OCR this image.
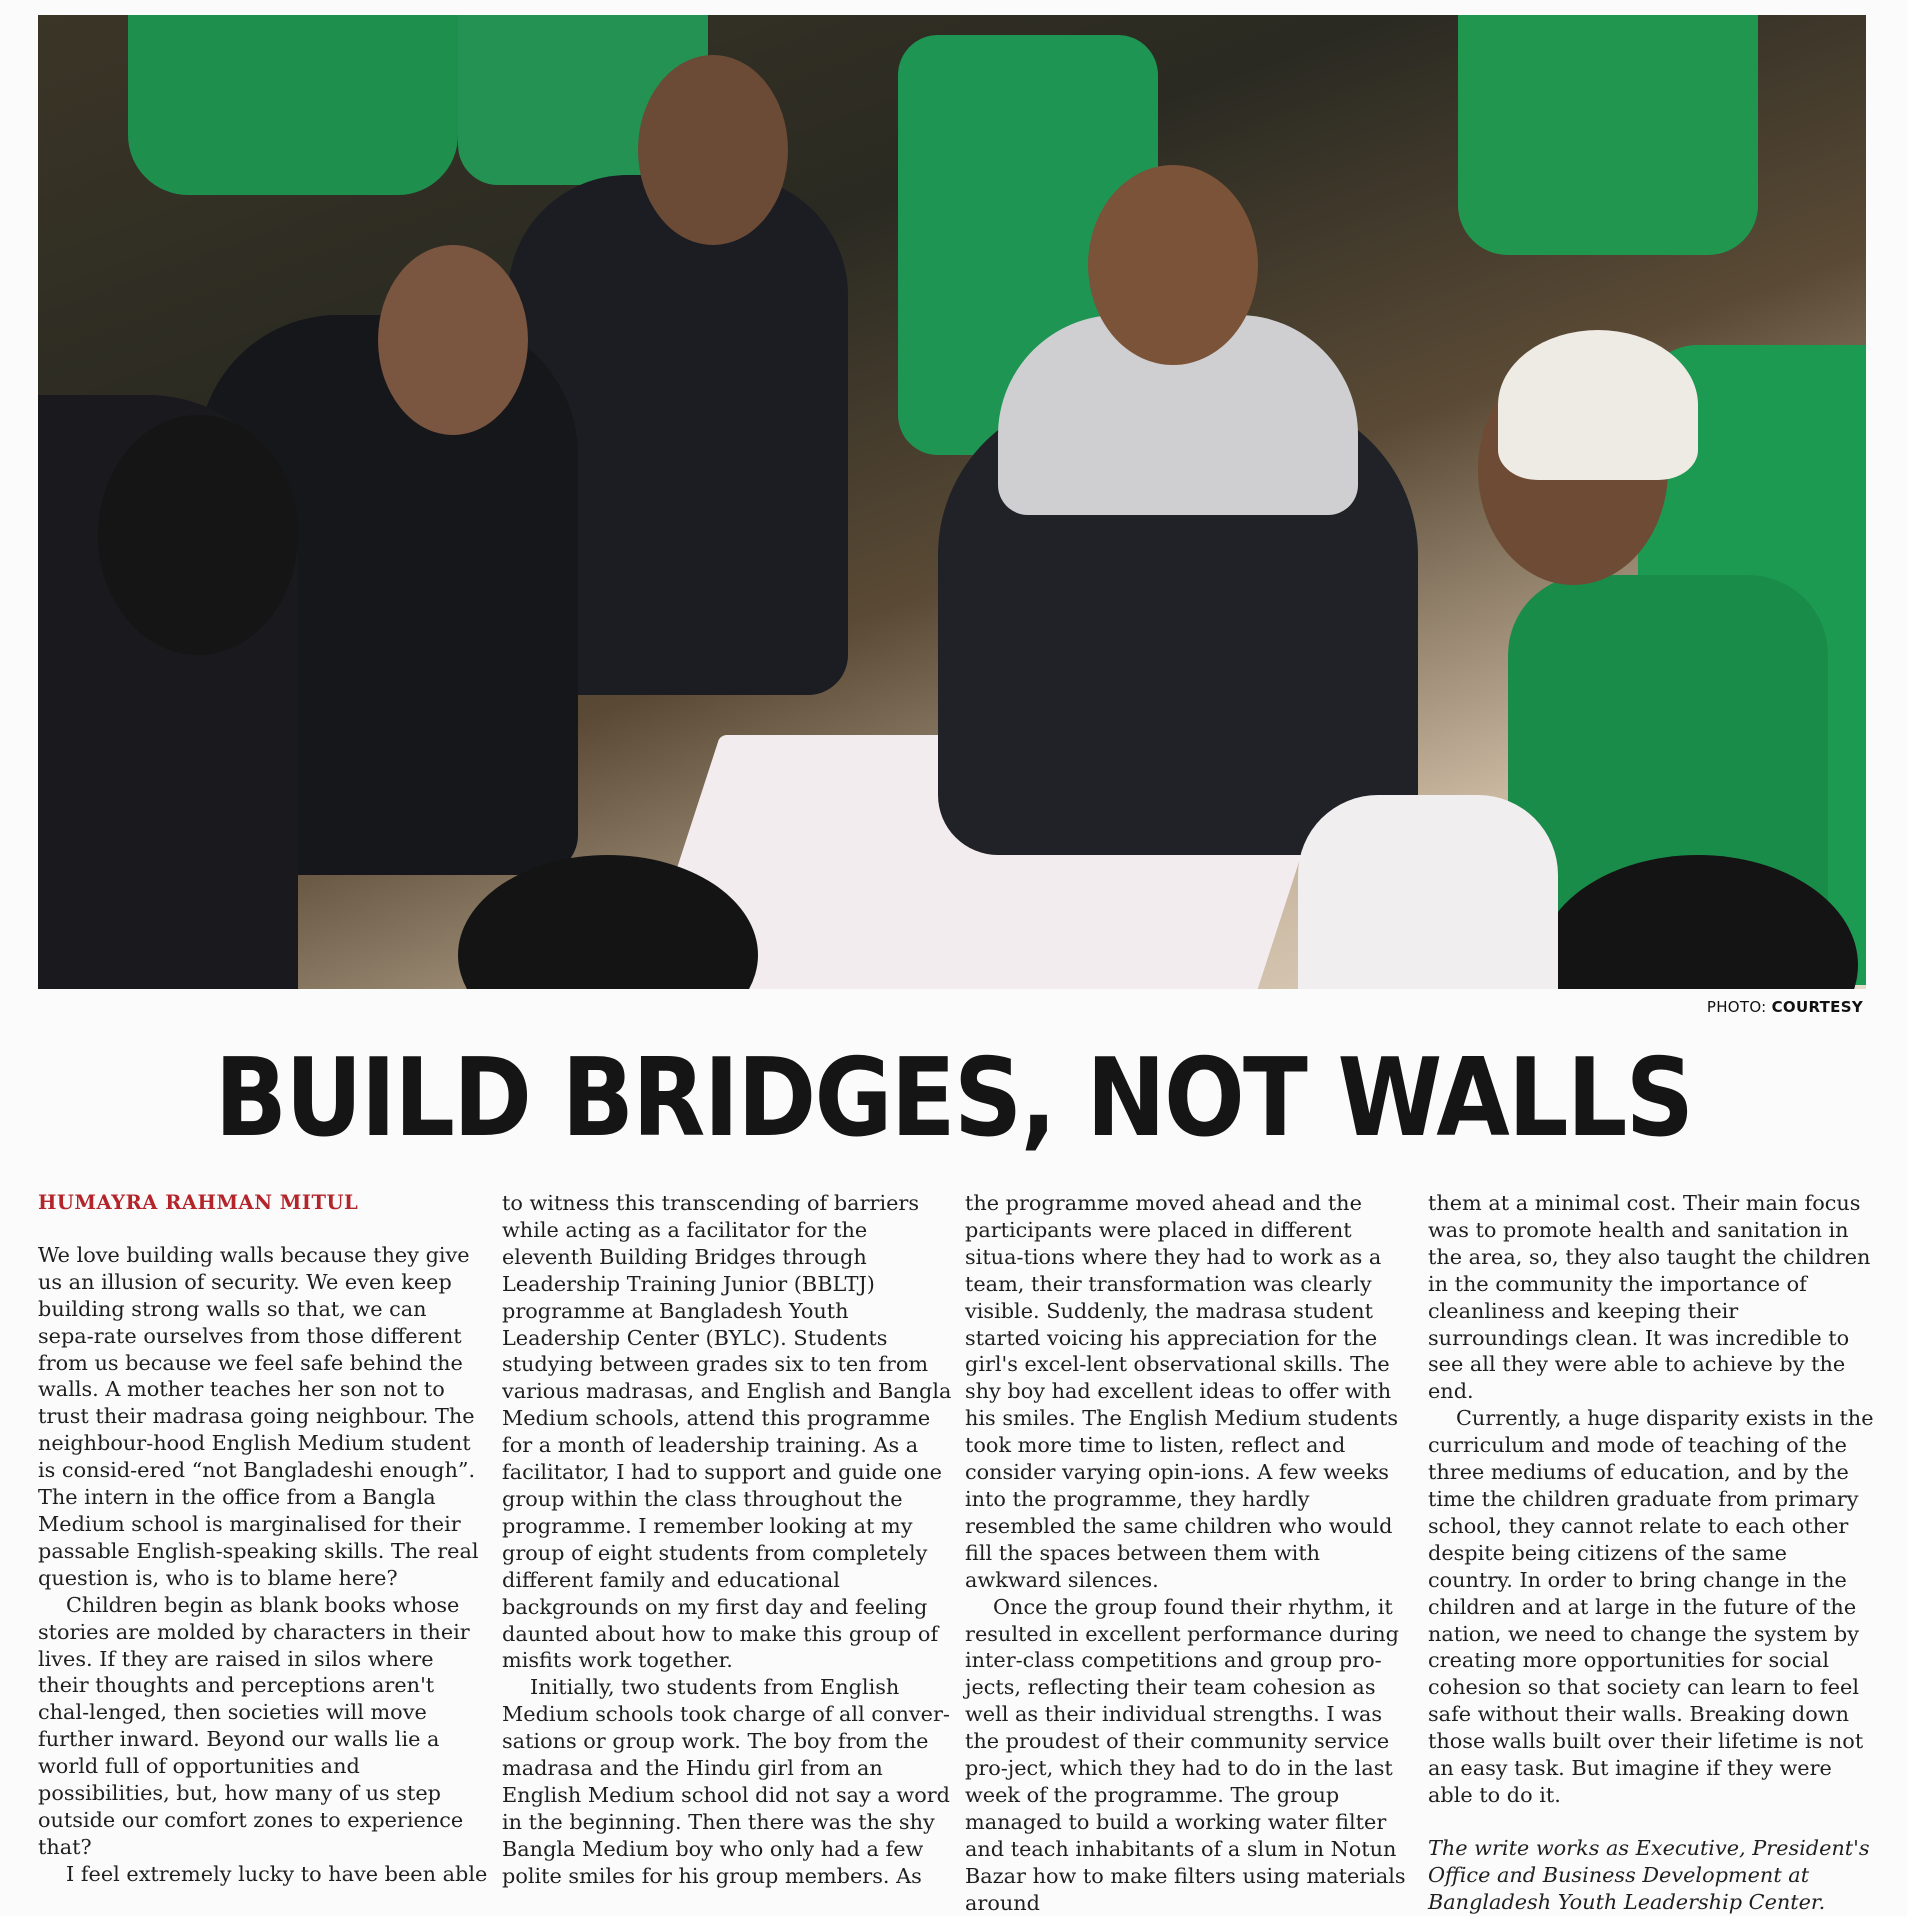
PHOTO: COURTESY
BUILD BRIDGES, NOT WALLS

HUMAYRA RAHMAN MITUL

We love building walls because they give us an illusion of security. We even keep building strong walls so that, we can sepa-rate ourselves from those different from us because we feel safe behind the walls. A mother teaches her son not to trust their madrasa going neighbour. The neighbour-hood English Medium student is consid-ered “not Bangladeshi enough”. The intern in the office from a Bangla Medium school is marginalised for their passable English-speaking skills. The real question is, who is to blame here?

Children begin as blank books whose stories are molded by characters in their lives. If they are raised in silos where their thoughts and perceptions aren't chal-lenged, then societies will move further inward. Beyond our walls lie a world full of opportunities and possibilities, but, how many of us step outside our comfort zones to experience that?

I feel extremely lucky to have been able

to witness this transcending of barriers while acting as a facilitator for the eleventh Building Bridges through Leadership Training Junior (BBLTJ) programme at Bangladesh Youth Leadership Center (BYLC). Students studying between grades six to ten from various madrasas, and English and Bangla Medium schools, attend this programme for a month of leadership training. As a facilitator, I had to support and guide one group within the class throughout the programme. I remember looking at my group of eight students from completely different family and educational backgrounds on my first day and feeling daunted about how to make this group of misfits work together.

Initially, two students from English Medium schools took charge of all conver-sations or group work. The boy from the madrasa and the Hindu girl from an English Medium school did not say a word in the beginning. Then there was the shy Bangla Medium boy who only had a few polite smiles for his group members. As

the programme moved ahead and the participants were placed in different situa-tions where they had to work as a team, their transformation was clearly visible. Suddenly, the madrasa student started voicing his appreciation for the girl's excel-lent observational skills. The shy boy had excellent ideas to offer with his smiles. The English Medium students took more time to listen, reflect and consider varying opin-ions. A few weeks into the programme, they hardly resembled the same children who would fill the spaces between them with awkward silences.

Once the group found their rhythm, it resulted in excellent performance during inter-class competitions and group pro-jects, reflecting their team cohesion as well as their individual strengths. I was the proudest of their community service pro-ject, which they had to do in the last week of the programme. The group managed to build a working water filter and teach inhabitants of a slum in Notun Bazar how to make filters using materials around

them at a minimal cost. Their main focus was to promote health and sanitation in the area, so, they also taught the children in the community the importance of cleanliness and keeping their surroundings clean. It was incredible to see all they were able to achieve by the end.

Currently, a huge disparity exists in the curriculum and mode of teaching of the three mediums of education, and by the time the children graduate from primary school, they cannot relate to each other despite being citizens of the same country. In order to bring change in the children and at large in the future of the nation, we need to change the system by creating more opportunities for social cohesion so that society can learn to feel safe without their walls. Breaking down those walls built over their lifetime is not an easy task. But imagine if they were able to do it.

The write works as Executive, President's Office and Business Development at Bangladesh Youth Leadership Center.
